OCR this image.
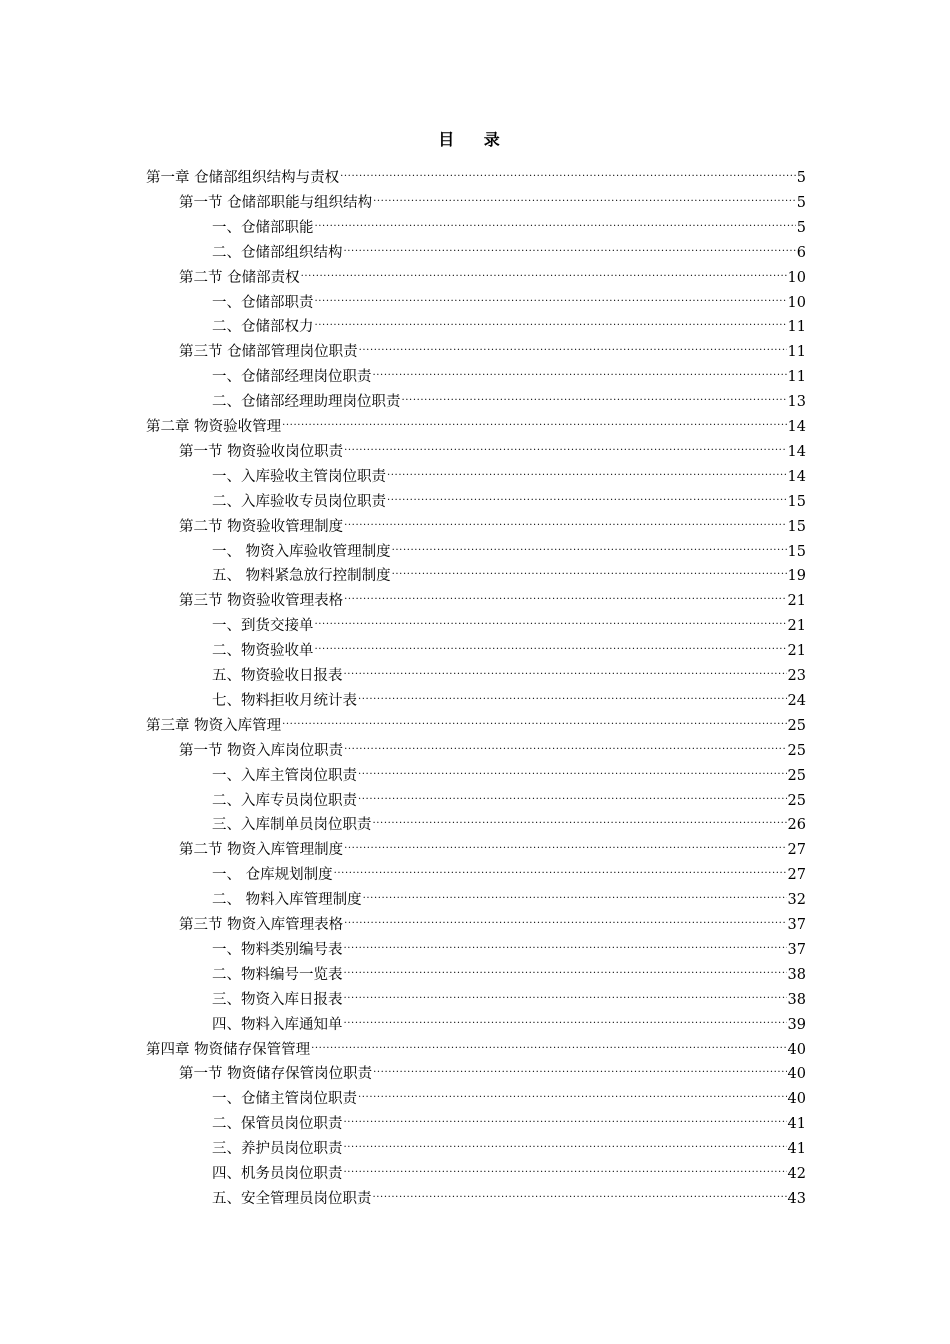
目 录
第一章 仓储部组织结构与责权 .....	5
第一节 仓储部职能与组织结构 .....	5
一、仓储部职能 .....	5
二、仓储部组织结构 .....	6
第二节 仓储部责权 .....	10
一、仓储部职责 .....	10
二、仓储部权力 .....	11
第三节 仓储部管理岗位职责 .....	11
一、仓储部经理岗位职责 .....	11
二、仓储部经理助理岗位职责 .....	13
第二章 物资验收管理 .....	14
第一节 物资验收岗位职责 .....	14
一、入库验收主管岗位职责 .....	14
二、入库验收专员岗位职责 .....	15
第二节 物资验收管理制度 .....	15
一、 物资入库验收管理制度 .....	15
五、 物料紧急放行控制制度 .....	19
第三节 物资验收管理表格 .....	21
一、到货交接单 .....	21
二、物资验收单 .....	21
五、物资验收日报表 .....	23
七、物料拒收月统计表 .....	24
第三章 物资入库管理 .....	25
第一节 物资入库岗位职责 .....	25
一、入库主管岗位职责 .....	25
二、入库专员岗位职责 .....	25
三、入库制单员岗位职责 .....	26
第二节 物资入库管理制度 .....	27
一、 仓库规划制度 .....	27
二、 物料入库管理制度 .....	32
第三节 物资入库管理表格 .....	37
一、物料类别编号表 .....	37
二、物料编号一览表 .....	38
三、物资入库日报表 .....	38
四、物料入库通知单 .....	39
第四章 物资储存保管管理 .....	40
第一节 物资储存保管岗位职责 .....	40
一、仓储主管岗位职责 .....	40
二、保管员岗位职责 .....	41
三、养护员岗位职责 .....	41
四、机务员岗位职责 .....	42
五、安全管理员岗位职责 .....	43
